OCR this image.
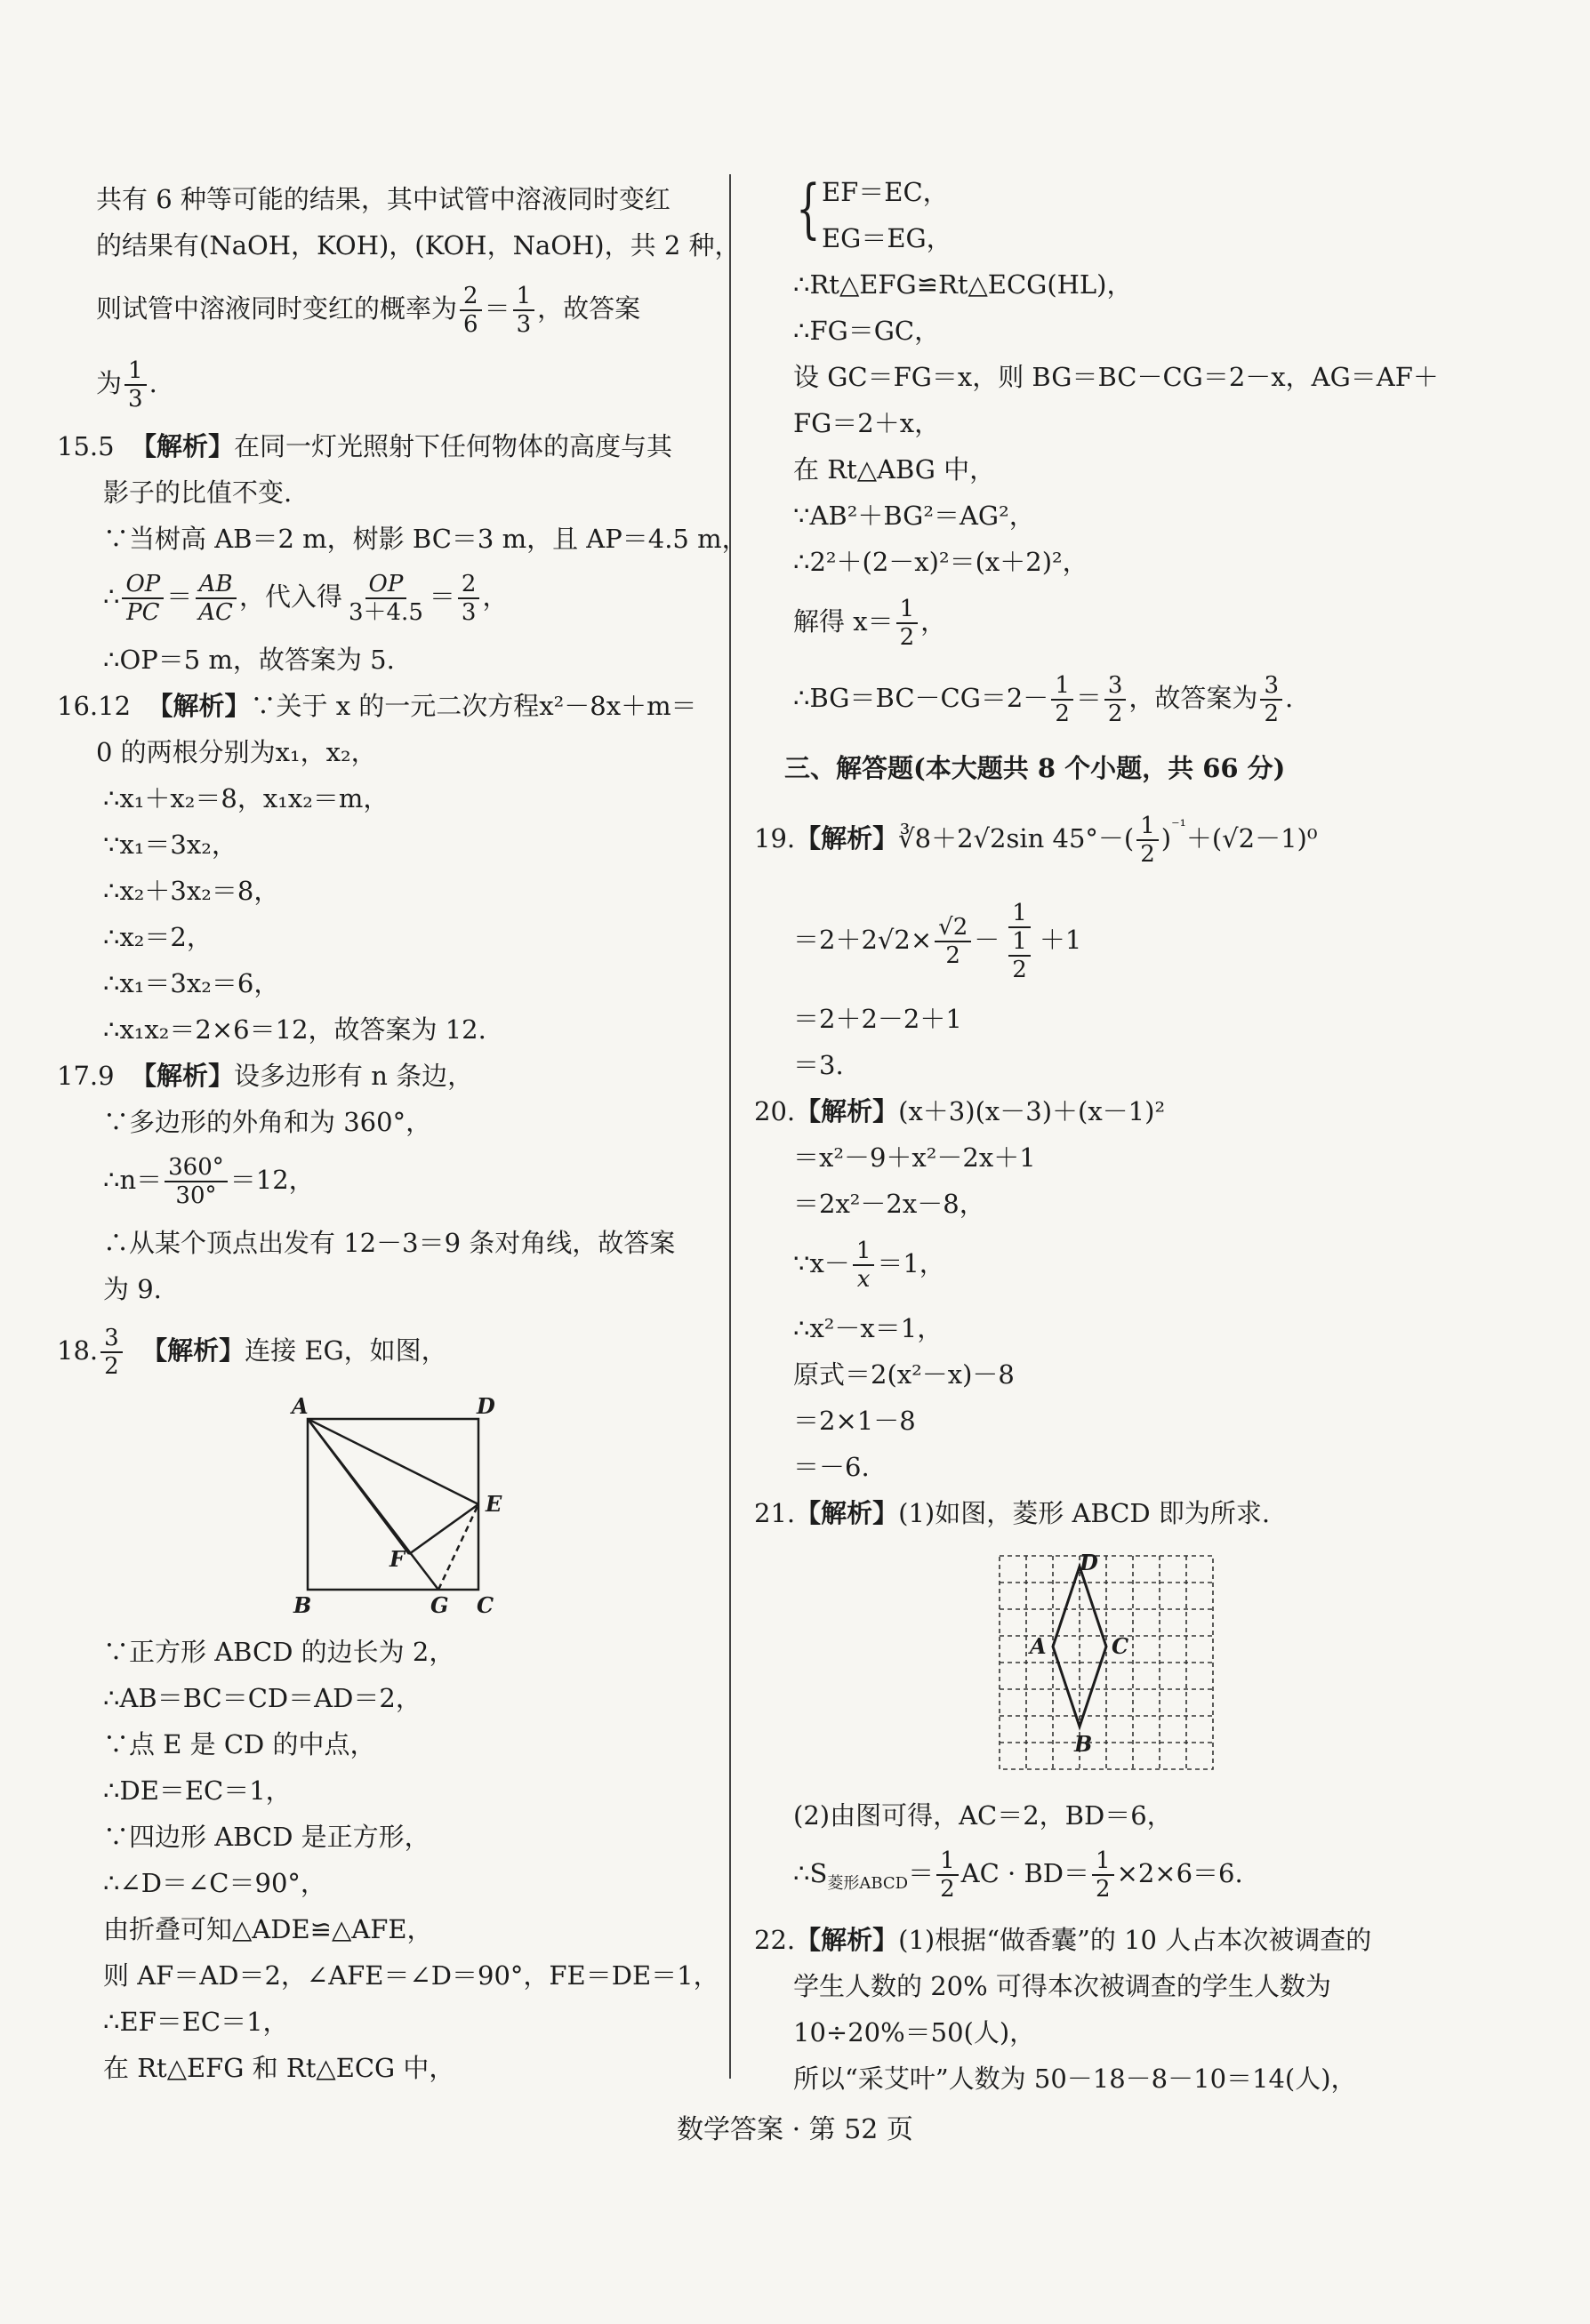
共有 6 种等可能的结果，其中试管中溶液同时变红
的结果有(NaOH，KOH)，(KOH，NaOH)，共 2 种，
则试管中溶液同时变红的概率为 $\frac{2}{6} = \frac{1}{3}$ ，故答案
为 $\frac{1}{3}$ .
15.5 【解析】在同一灯光照射下任何物体的高度与其
影子的比值不变.
∵当树高 AB＝2 m，树影 BC＝3 m，且 AP＝4.5 m，
∴ $\frac{OP}{PC} = \frac{AB}{AC}$ ，代入得 $\frac{OP}{3+4.5} = \frac{2}{3}$ ，
∴OP＝5 m，故答案为 5.
16.12 【解析】∵关于 x 的一元二次方程x²－8x＋m＝
0 的两根分别为x₁，x₂，
∴x₁＋x₂＝8，x₁x₂＝m，
∵x₁＝3x₂，
∴x₂＋3x₂＝8，
∴x₂＝2，
∴x₁＝3x₂＝6，
∴x₁x₂＝2×6＝12，故答案为 12.
17.9 【解析】设多边形有 n 条边，
∵多边形的外角和为 360°，
∴n＝ $\frac{360^\circ}{30^\circ} =12$，
∴从某个顶点出发有 12－3＝9 条对角线，故答案
为 9.
18. $\frac{3}{2}$ 【解析】连接 EG，如图，
A	D
E
F
B	G C
∵正方形 ABCD 的边长为 2，
∴AB＝BC＝CD＝AD＝2，
∵点 E 是 CD 的中点，
∴DE＝EC＝1，
∵四边形 ABCD 是正方形，
∴∠D＝∠C＝90°，
由折叠可知△ADE≌△AFE，
则 AF＝AD＝2，∠AFE＝∠D＝90°，FE＝DE＝1，
∴EF＝EC＝1，
在 Rt△EFG 和 Rt△ECG 中，
{ EF＝EC，
EG＝EG，
∴Rt△EFG≌Rt△ECG(HL)，
∴FG＝GC，
设 GC＝FG＝x，则 BG＝BC－CG＝2－x，AG＝AF＋
FG＝2＋x，
在 Rt△ABG 中，
∵AB²＋BG²＝AG²，
∴2²＋(2－x)²＝(x＋2)²，
解得 $x= \frac{1}{2}$ ，
∴BG＝BC－CG＝2－ $\frac{1}{2} = \frac{3}{2}$ ，故答案为 $\frac{3}{2}$ .
三、解答题(本大题共 8 个小题，共 66 分)
19.【解析】∛8＋2√2sin $45^\circ-( \frac{1}{2} )^{^{-1}}+(√2-1)^0$
$=2+2√2\times \frac{√2}{2} - \frac{1}{\frac{1}{2}} +1$
＝2＋2－2＋1
＝3.
20.【解析】(x＋3)(x－3)＋(x－1)²
＝x²－9＋x²－2x＋1
＝2x²－2x－8，
∵x－ $\frac{1}{x} =1$，
∴x²－x＝1，
原式＝2(x²－x)－8
＝2×1－8
＝－6.
21.【解析】(1)如图，菱形 ABCD 即为所求.
A	C
D
B
(2)由图可得，AC＝2，BD＝6，
$\therefore S_{菱形ABCD}= \frac{1}{2}$ AC · $BD= \frac{1}{2} \times 2\times 6=6$.
22.【解析】(1)根据“做香囊”的 10 人占本次被调查的
学生人数的 20% 可得本次被调查的学生人数为
10÷20%＝50(人)，
所以“采艾叶”人数为 50－18－8－10＝14(人)，
数学答案 · 第 52 页
